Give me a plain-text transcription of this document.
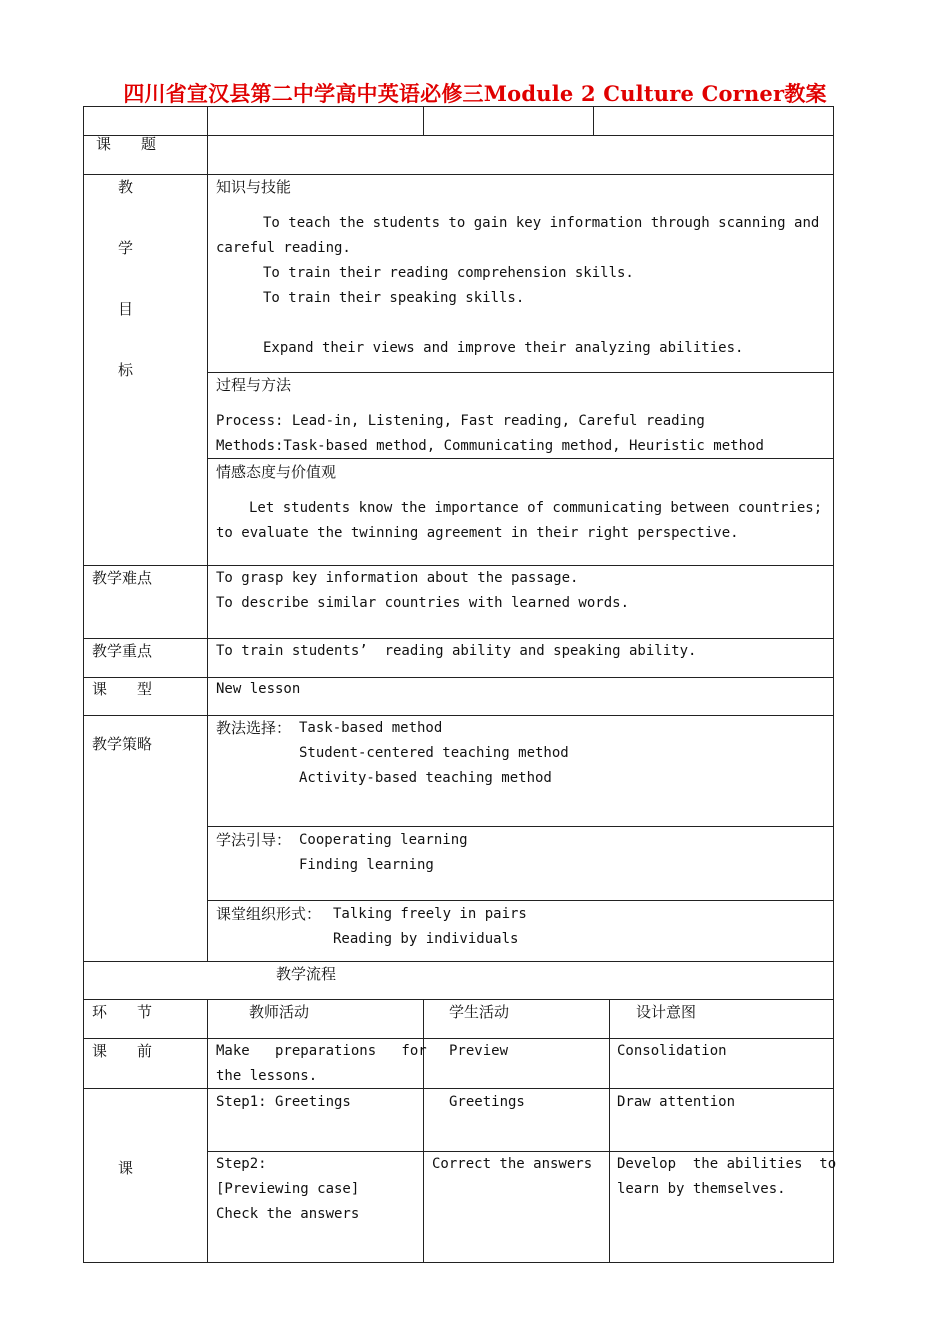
四川省宣汉县第二中学高中英语必修三Module 2 Culture Corner教案
课　　题
教
学
目
标
知识与技能
To teach the students to gain key information through scanning and
careful reading.
To train their reading comprehension skills.
To train their speaking skills.
Expand their views and improve their analyzing abilities.
过程与方法
Process: Lead-in, Listening, Fast reading, Careful reading
Methods:Task-based method, Communicating method, Heuristic method
情感态度与价值观
Let students know the importance of communicating between countries;
to evaluate the twinning agreement in their right perspective.
教学难点	To grasp key information about the passage.
To describe similar countries with learned words.
教学重点	To train students’  reading ability and speaking ability.
课　　型	New lesson
教学策略
教法选择： Task-based method
Student-centered teaching method
Activity-based teaching method
学法引导： Cooperating learning
Finding learning
课堂组织形式： Talking freely in pairs
Reading by individuals
教学流程
环　　节	教师活动	学生活动	设计意图
课　　前	Make   preparations   for
the lessons.
Preview	Consolidation
课
Step1: Greetings	Greetings	Draw attention
Step2:
[Previewing case]
Check the answers
Correct the answers Develop  the abilities  to
learn by themselves.
